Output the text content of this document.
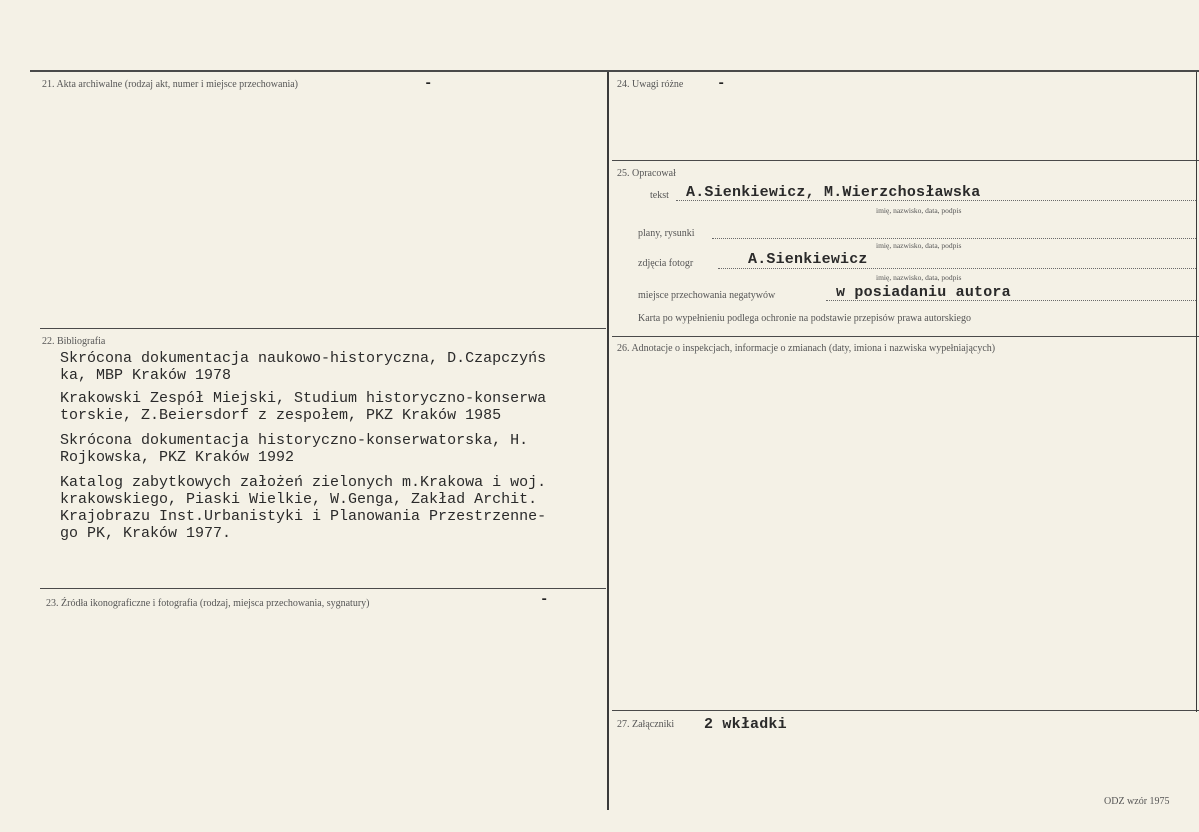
21. Akta archiwalne (rodzaj akt, numer i miejsce przechowania)	-
22. Bibliografia
Skrócona dokumentacja naukowo-historyczna, D.Czapczyńs
ka, MBP Kraków 1978
Krakowski Zespół Miejski, Studium historyczno-konserwa
torskie, Z.Beiersdorf z zespołem, PKZ Kraków 1985
Skrócona dokumentacja historyczno-konserwatorska, H.
Rojkowska, PKZ Kraków 1992
Katalog zabytkowych założeń zielonych m.Krakowa i woj.
krakowskiego, Piaski Wielkie, W.Genga, Zakład Archit.
Krajobrazu Inst.Urbanistyki i Planowania Przestrzenne-
go PK, Kraków 1977.
23. Źródła ikonograficzne i fotografia (rodzaj, miejsca przechowania, sygnatury)	-
24. Uwagi różne -
25. Opracował
tekst A.Sienkiewicz, M.Wierzchosławska
imię, nazwisko, data, podpis
plany, rysunki
imię, nazwisko, data, podpis
zdjęcia fotogr	A.Sienkiewicz
imię, nazwisko, data, podpis
miejsce przechowania negatywów	w posiadaniu autora
Karta po wypełnieniu podlega ochronie na podstawie przepisów prawa autorskiego
26. Adnotacje o inspekcjach, informacje o zmianach (daty, imiona i nazwiska wypełniających)
27. Załączniki 2 wkładki
ODZ wzór 1975
